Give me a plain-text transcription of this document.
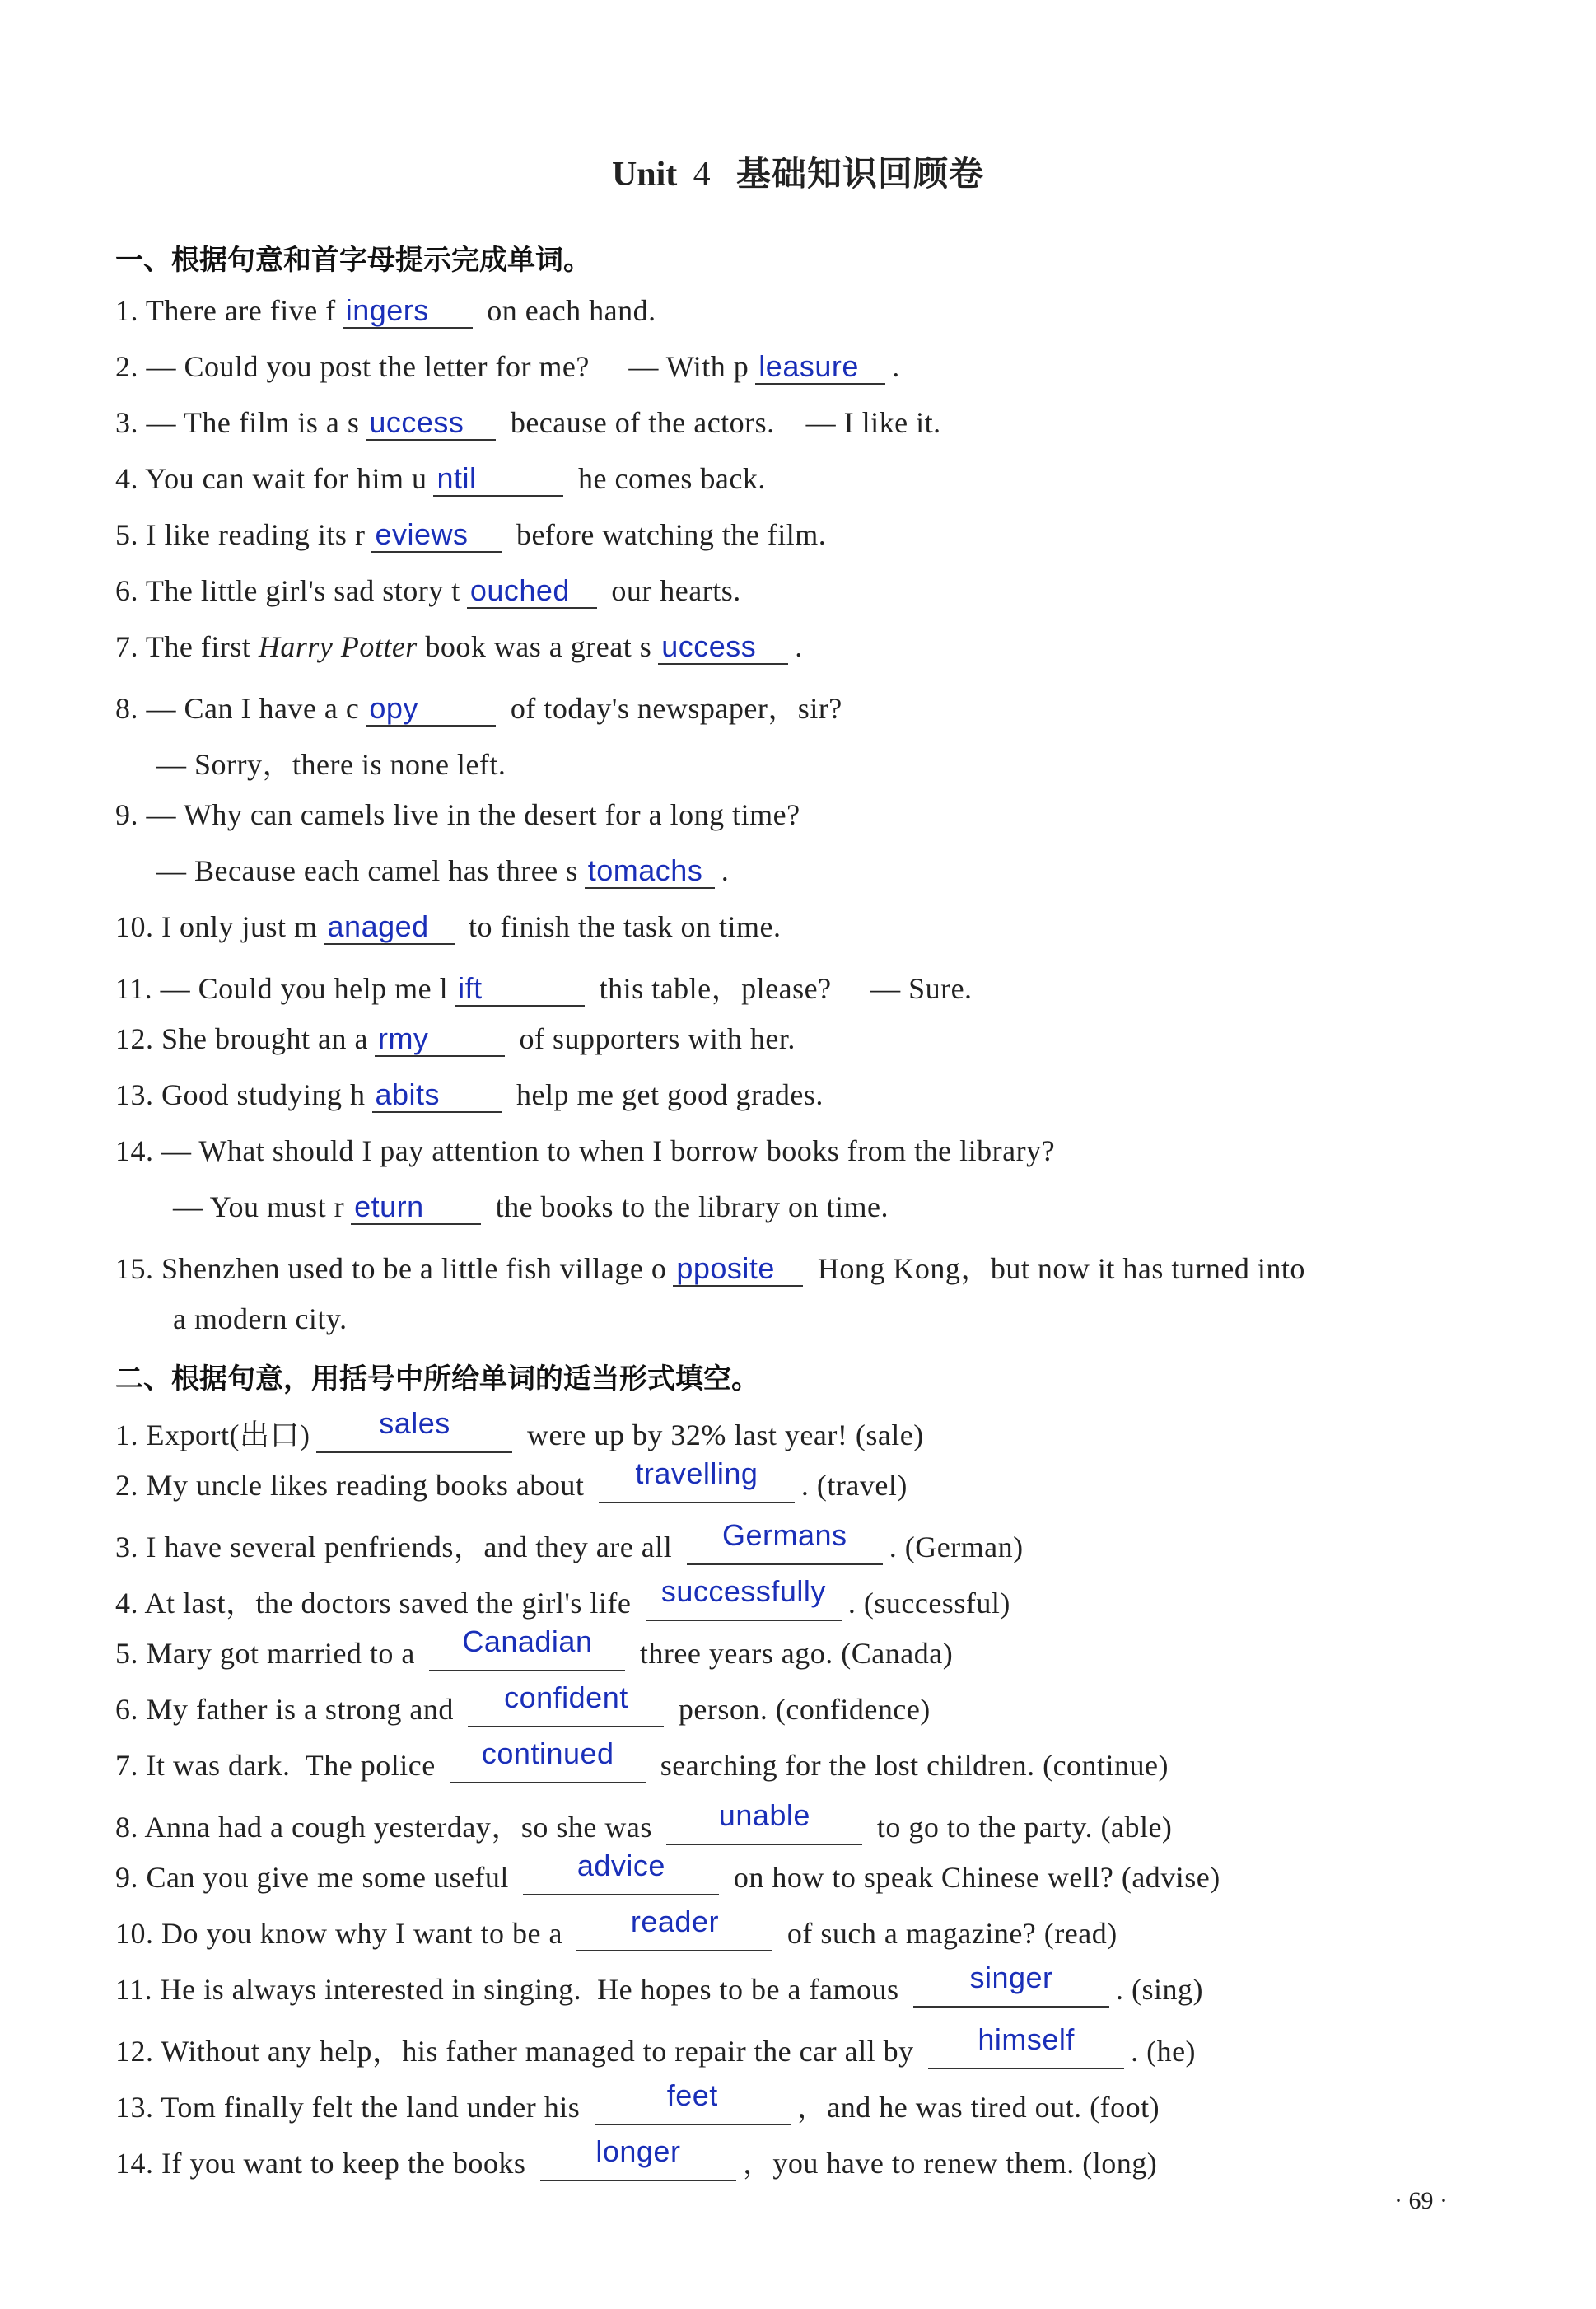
Unit 4 基础知识回顾卷
一、根据句意和首字母提示完成单词。
1. There are five f ingers on each hand.
2. — Could you post the letter for me?     — With p leasure .
3. — The film is a s uccess because of the actors.    — I like it.
4. You can wait for him u ntil	he comes back.
5. I like reading its r eviews before watching the film.
6. The little girl's sad story t ouched our hearts.
7. The first Harry Potter book was a great s uccess .
8. — Can I have a c opy	of today's newspaper，sir?
— Sorry，there is none left.
9. — Why can camels live in the desert for a long time?
— Because each camel has three s tomachs .
10. I only just m anaged to finish the task on time.
11. — Could you help me l ift	this table，please?     — Sure.
12. She brought an a rmy	of supporters with her.
13. Good studying h abits help me get good grades.
14. — What should I pay attention to when I borrow books from the library?
— You must r eturn the books to the library on time.
15. Shenzhen used to be a little fish village o pposite Hong Kong，but now it has turned into
a modern city.
二、根据句意，用括号中所给单词的适当形式填空。
1. Export(出口) sales were up by 32% last year! (sale)
2. My uncle likes reading books about travelling . (travel)
3. I have several penfriends，and they are all Germans . (German)
4. At last，the doctors saved the girl's life successfully . (successful)
5. Mary got married to a Canadian three years ago. (Canada)
6. My father is a strong and confident person. (confidence)
7. It was dark.  The police continued searching for the lost children. (continue)
8. Anna had a cough yesterday，so she was unable to go to the party. (able)
9. Can you give me some useful advice on how to speak Chinese well? (advise)
10. Do you know why I want to be a reader of such a magazine? (read)
11. He is always interested in singing.  He hopes to be a famous singer . (sing)
12. Without any help，his father managed to repair the car all by himself . (he)
13. Tom finally felt the land under his	feet	，and he was tired out. (foot)
14. If you want to keep the books longer ，you have to renew them. (long)
· 69 ·
